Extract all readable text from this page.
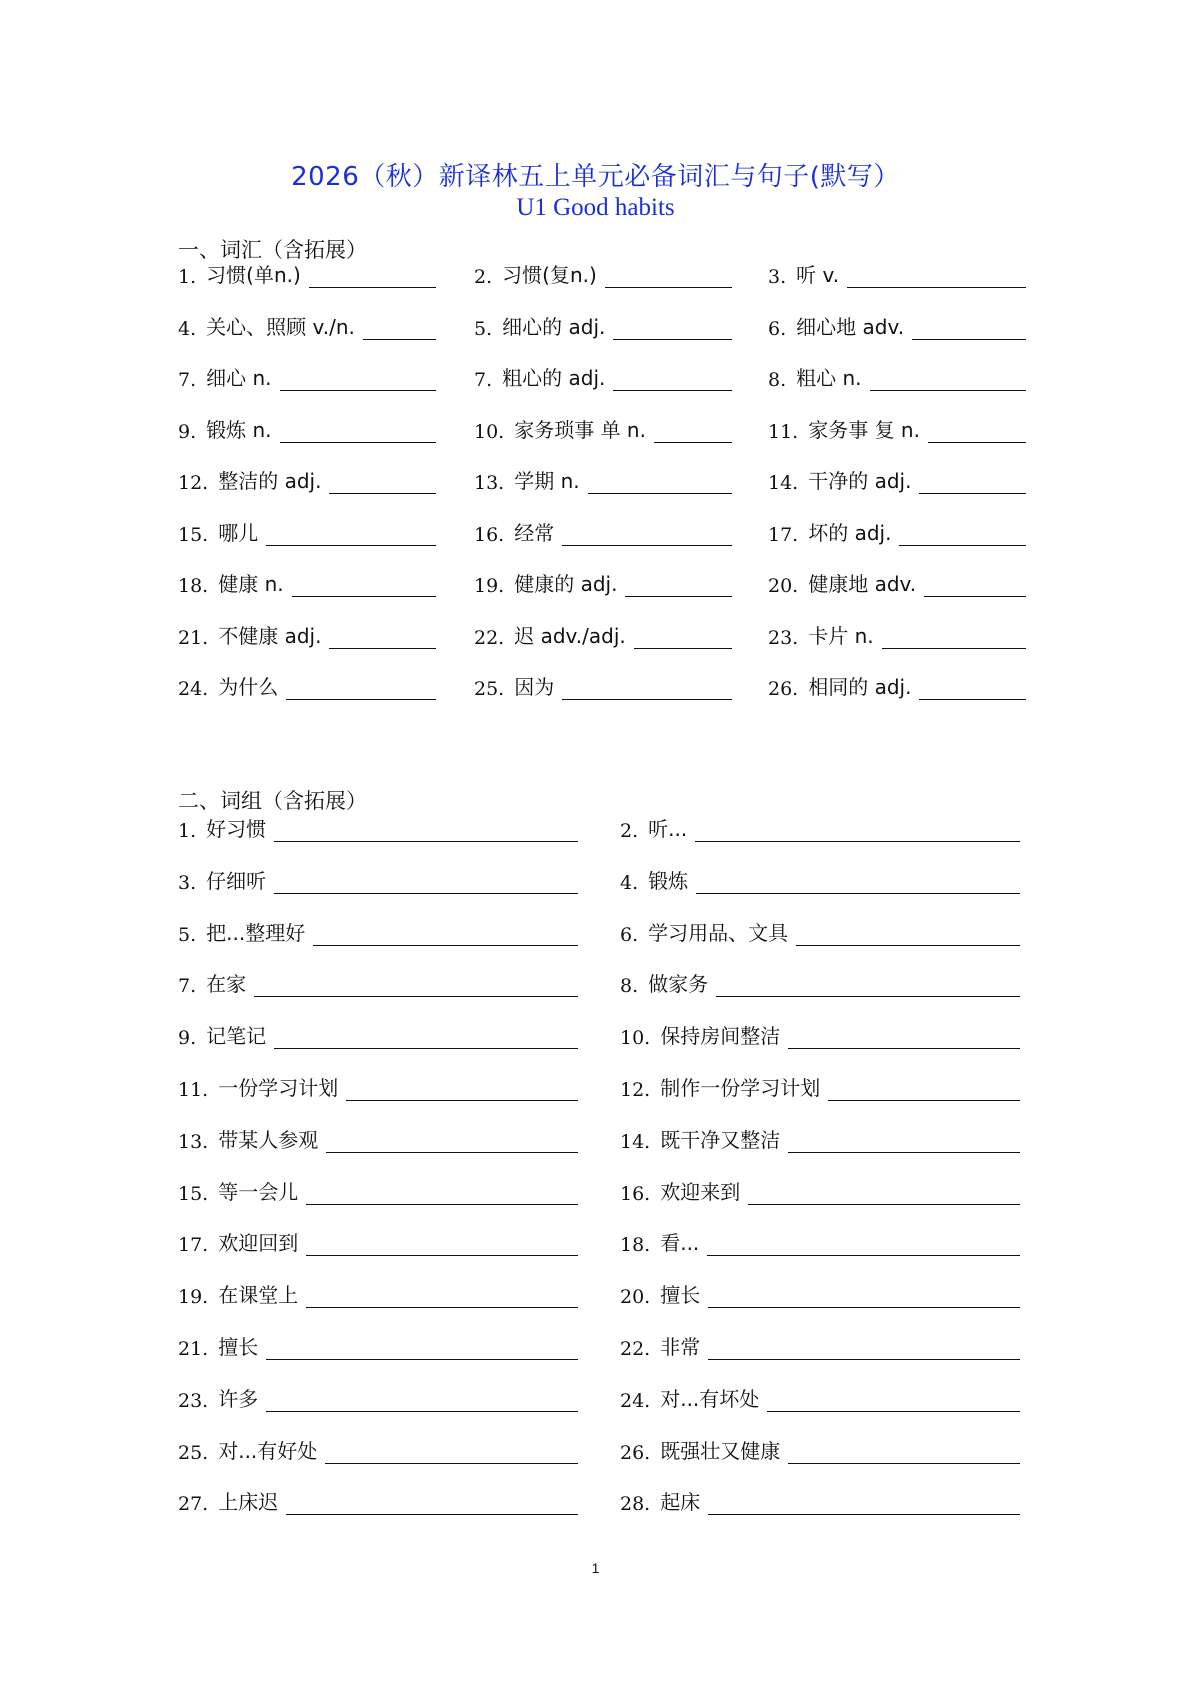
2026（秋）新译林五上单元必备词汇与句子(默写）
U1 Good habits
一、词汇（含拓展）
1. 习惯(单n.)	2. 习惯(复n.)	3. 听 v.
4. 关心、照顾 v./n.	5. 细心的 adj.	6. 细心地 adv.
7. 细心 n.	7. 粗心的 adj.	8. 粗心 n.
9. 锻炼 n.	10. 家务琐事 单 n.	11. 家务事 复 n.
12. 整洁的 adj.	13. 学期 n.	14. 干净的 adj.
15. 哪儿	16. 经常	17. 坏的 adj.
18. 健康 n.	19. 健康的 adj.	20. 健康地 adv.
21. 不健康 adj.	22. 迟 adv./adj.	23. 卡片 n.
24. 为什么	25. 因为	26. 相同的 adj.
二、词组（含拓展）
1. 好习惯	2. 听...
3. 仔细听	4. 锻炼
5. 把...整理好	6. 学习用品、文具
7. 在家	8. 做家务
9. 记笔记	10. 保持房间整洁
11. 一份学习计划	12. 制作一份学习计划
13. 带某人参观	14. 既干净又整洁
15. 等一会儿	16. 欢迎来到
17. 欢迎回到	18. 看...
19. 在课堂上	20. 擅长
21. 擅长	22. 非常
23. 许多	24. 对...有坏处
25. 对...有好处	26. 既强壮又健康
27. 上床迟	28. 起床
1
